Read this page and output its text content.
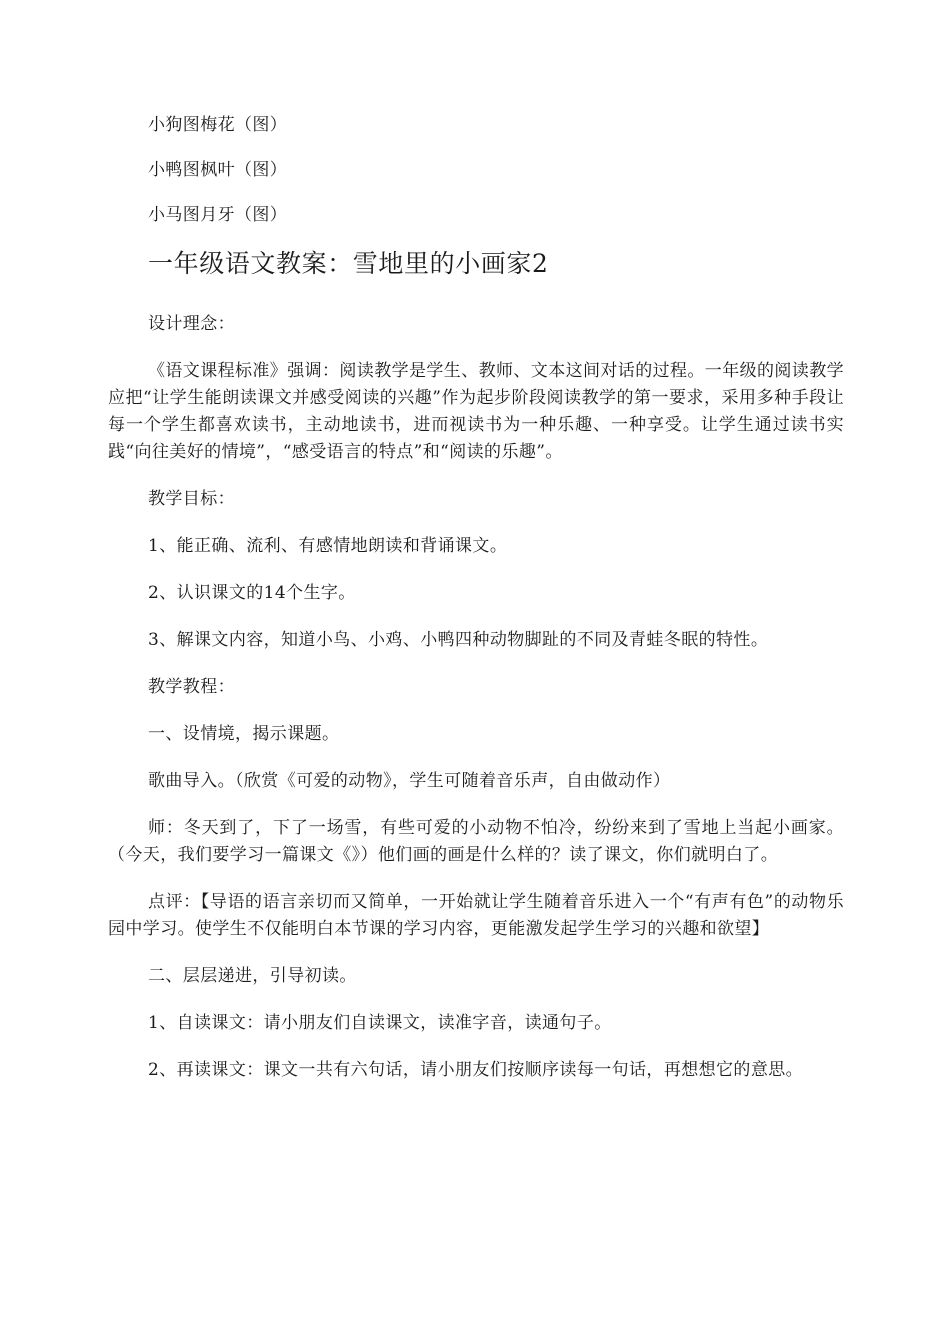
小狗图梅花（图）

小鸭图枫叶（图）

小马图月牙（图）

一年级语文教案：雪地里的小画家2

设计理念：

《语文课程标准》强调：阅读教学是学生、教师、文本这间对话的过程。一年级的阅读教学应把“让学生能朗读课文并感受阅读的兴趣”作为起步阶段阅读教学的第一要求，采用多种手段让每一个学生都喜欢读书，主动地读书，进而视读书为一种乐趣、一种享受。让学生通过读书实践“向往美好的情境”，“感受语言的特点”和“阅读的乐趣”。

教学目标：

1、能正确、流利、有感情地朗读和背诵课文。

2、认识课文的14个生字。

3、解课文内容，知道小鸟、小鸡、小鸭四种动物脚趾的不同及青蛙冬眠的特性。

教学教程：

一、设情境，揭示课题。

歌曲导入。（欣赏《可爱的动物》，学生可随着音乐声，自由做动作）

师：冬天到了，下了一场雪，有些可爱的小动物不怕冷，纷纷来到了雪地上当起小画家。（今天，我们要学习一篇课文《》）他们画的画是什么样的？读了课文，你们就明白了。

点评：【导语的语言亲切而又简单，一开始就让学生随着音乐进入一个“有声有色”的动物乐园中学习。使学生不仅能明白本节课的学习内容，更能激发起学生学习的兴趣和欲望】

二、层层递进，引导初读。

1、自读课文：请小朋友们自读课文，读准字音，读通句子。

2、再读课文：课文一共有六句话，请小朋友们按顺序读每一句话，再想想它的意思。
